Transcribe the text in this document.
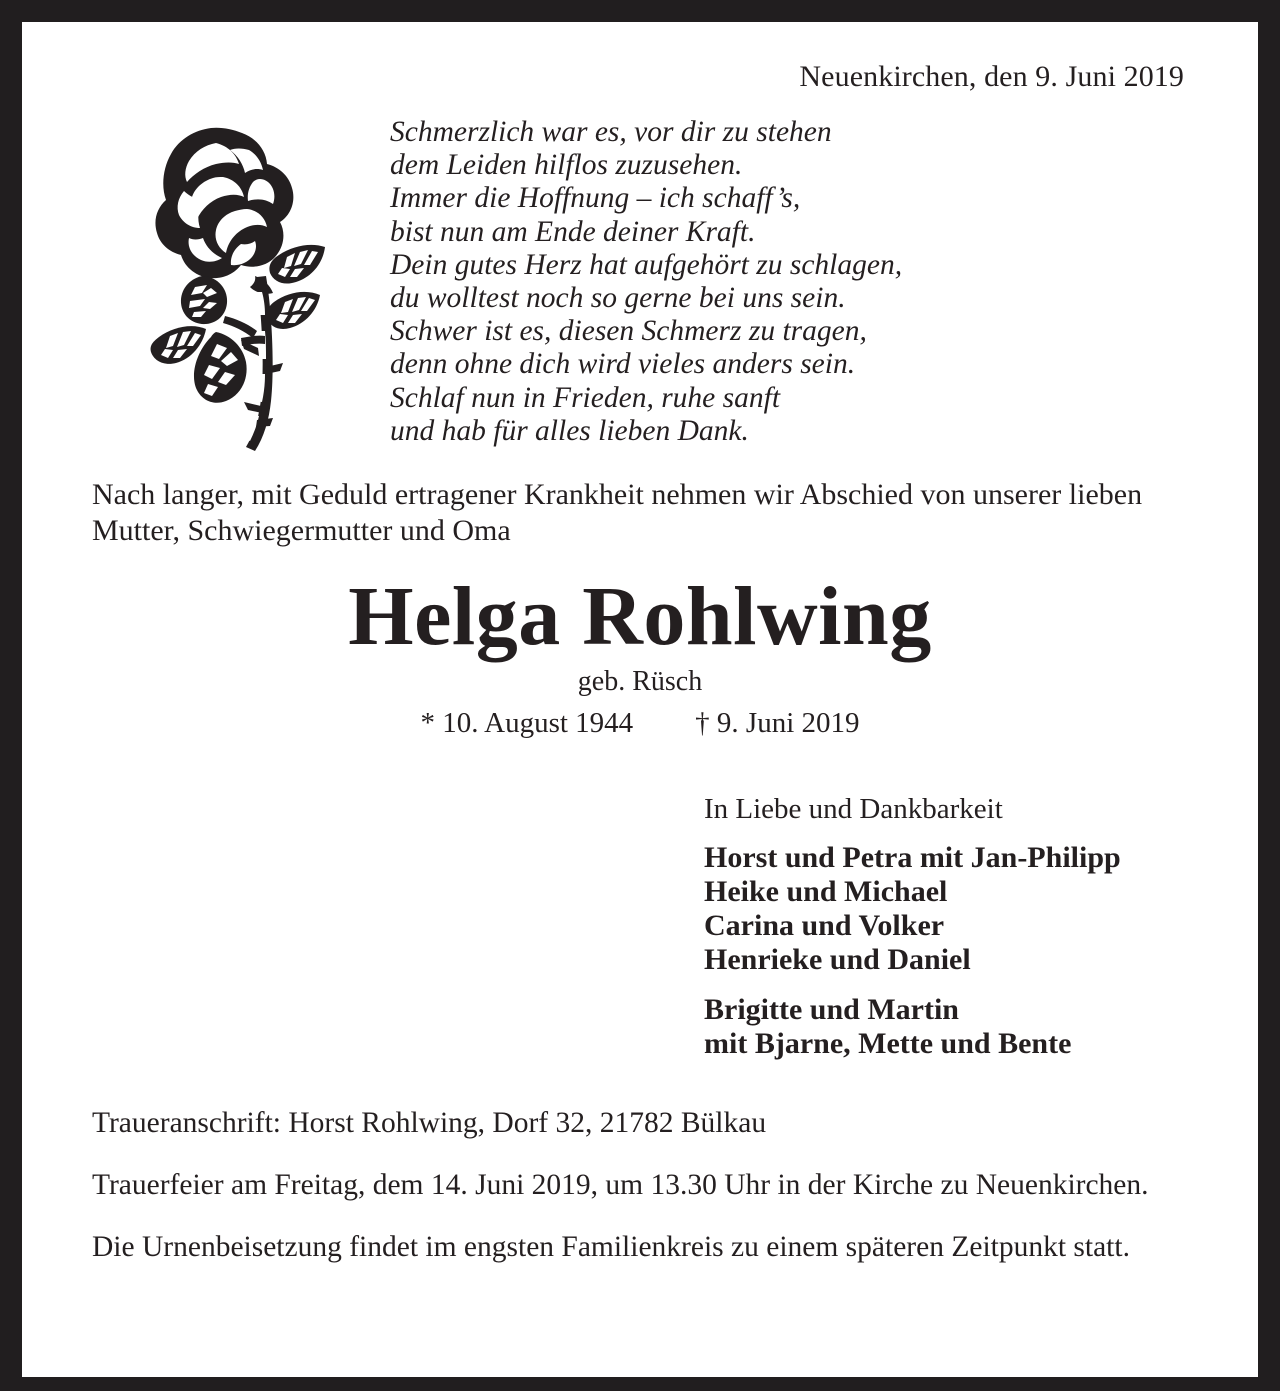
Neuenkirchen, den 9. Juni 2019
Schmerzlich war es, vor dir zu stehen
dem Leiden hilflos zuzusehen.
Immer die Hoffnung – ich schaff’s,
bist nun am Ende deiner Kraft.
Dein gutes Herz hat aufgehört zu schlagen,
du wolltest noch so gerne bei uns sein.
Schwer ist es, diesen Schmerz zu tragen,
denn ohne dich wird vieles anders sein.
Schlaf nun in Frieden, ruhe sanft
und hab für alles lieben Dank.
Nach langer, mit Geduld ertragener Krankheit nehmen wir Abschied von unserer lieben Mutter, Schwiegermutter und Oma
Helga Rohlwing
geb. Rüsch
* 10. August 1944 † 9. Juni 2019
In Liebe und Dankbarkeit
Horst und Petra mit Jan-Philipp
Heike und Michael
Carina und Volker
Henrieke und Daniel
Brigitte und Martin
mit Bjarne, Mette und Bente

Traueranschrift: Horst Rohlwing, Dorf 32, 21782 Bülkau

Trauerfeier am Freitag, dem 14. Juni 2019, um 13.30 Uhr in der Kirche zu Neuenkirchen.

Die Urnenbeisetzung findet im engsten Familienkreis zu einem späteren Zeitpunkt statt.
